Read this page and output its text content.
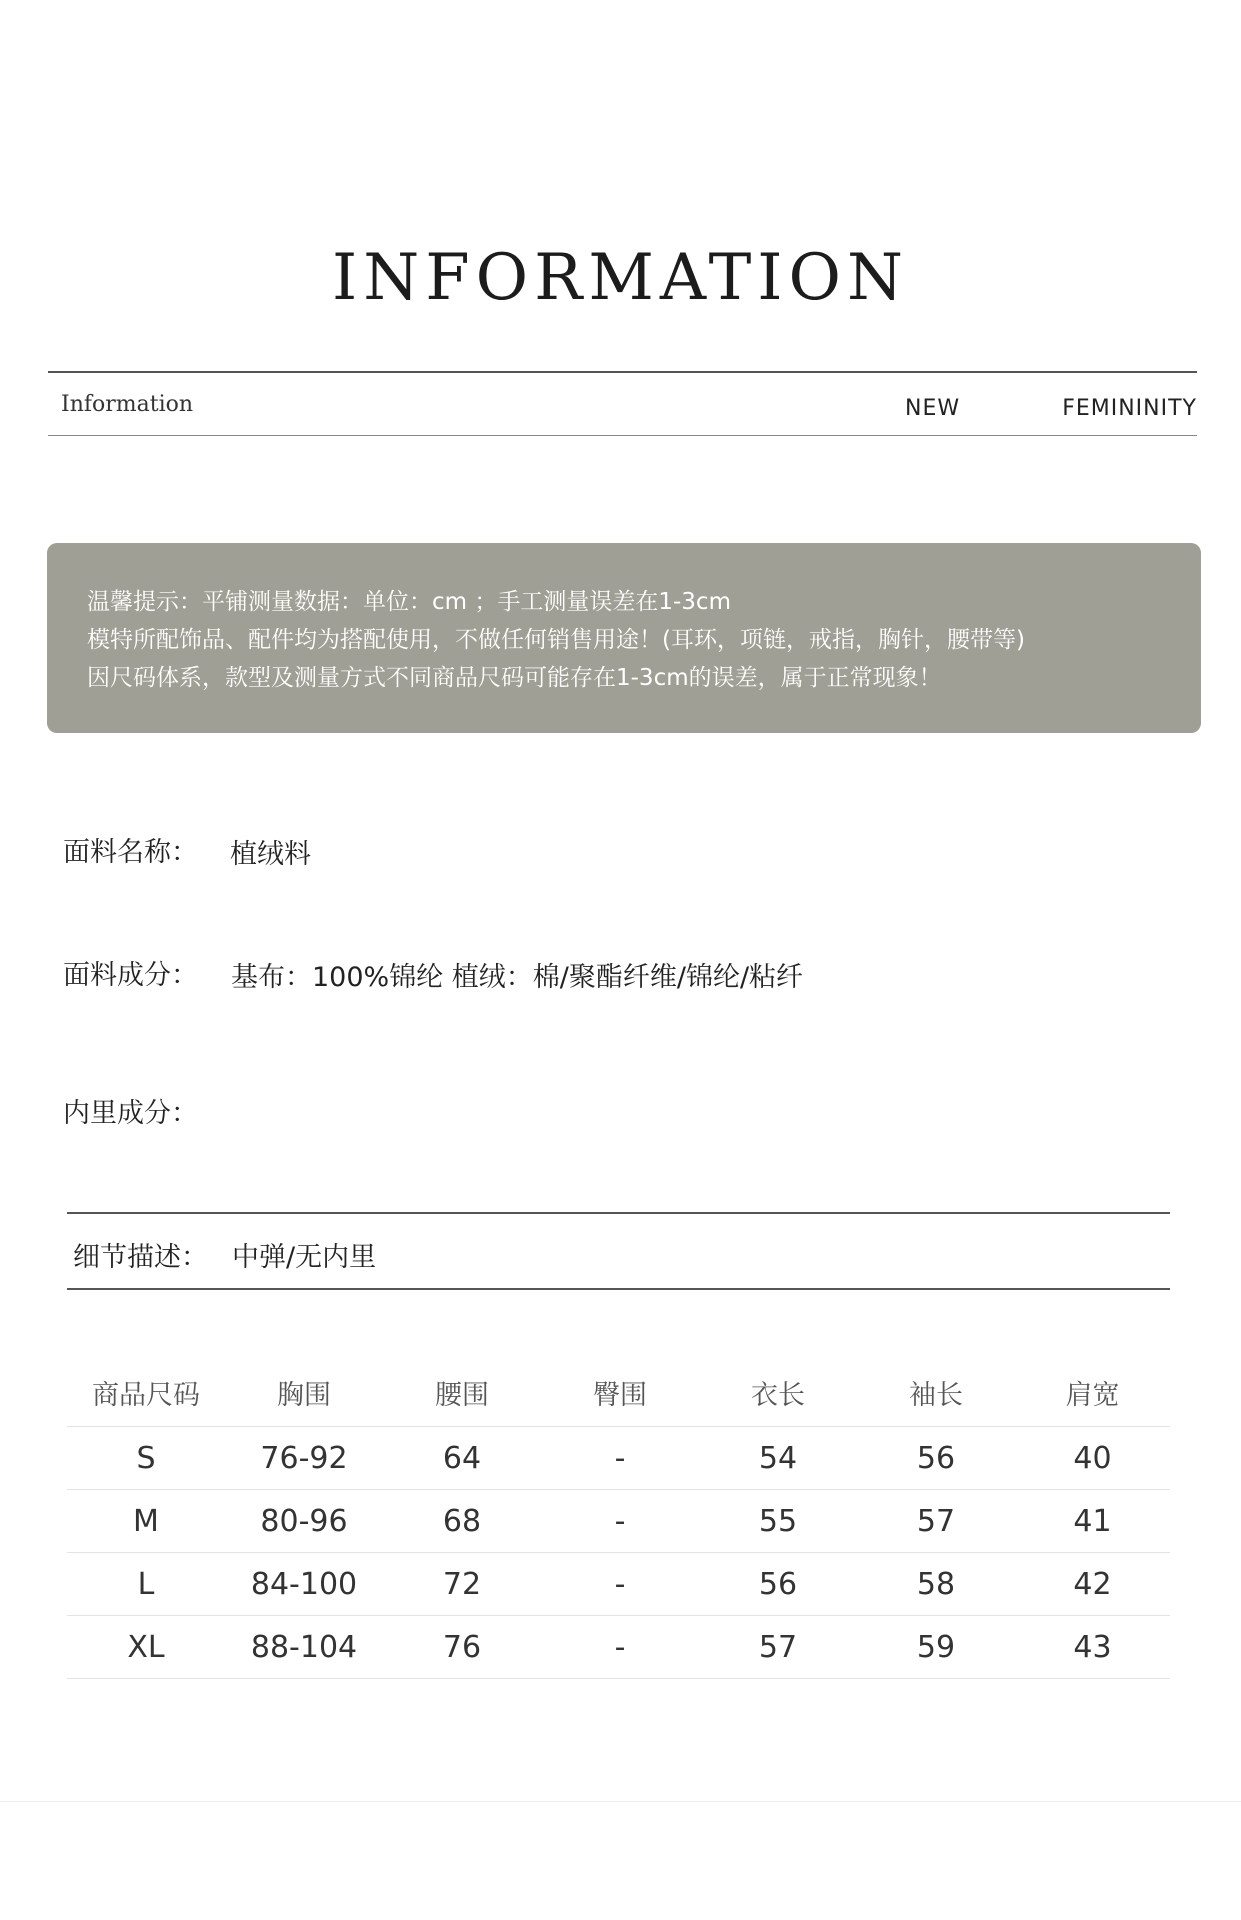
INFORMATION
Information	NEW	FEMININITY
温馨提示：平铺测量数据：单位：cm ；手工测量误差在1-3cm
模特所配饰品、配件均为搭配使用，不做任何销售用途！(耳环，项链，戒指，胸针，腰带等)
因尺码体系，款型及测量方式不同商品尺码可能存在1-3cm的误差，属于正常现象！
面料名称： 植绒料
面料成分： 基布：100%锦纶 植绒：棉/聚酯纤维/锦纶/粘纤
内里成分：
细节描述： 中弹/无内里
商品尺码	胸围	腰围	臀围	衣长	袖长	肩宽
S	76-92	64	-	54	56	40
M	80-96	68	-	55	57	41
L	84-100	72	-	56	58	42
XL	88-104	76	-	57	59	43
